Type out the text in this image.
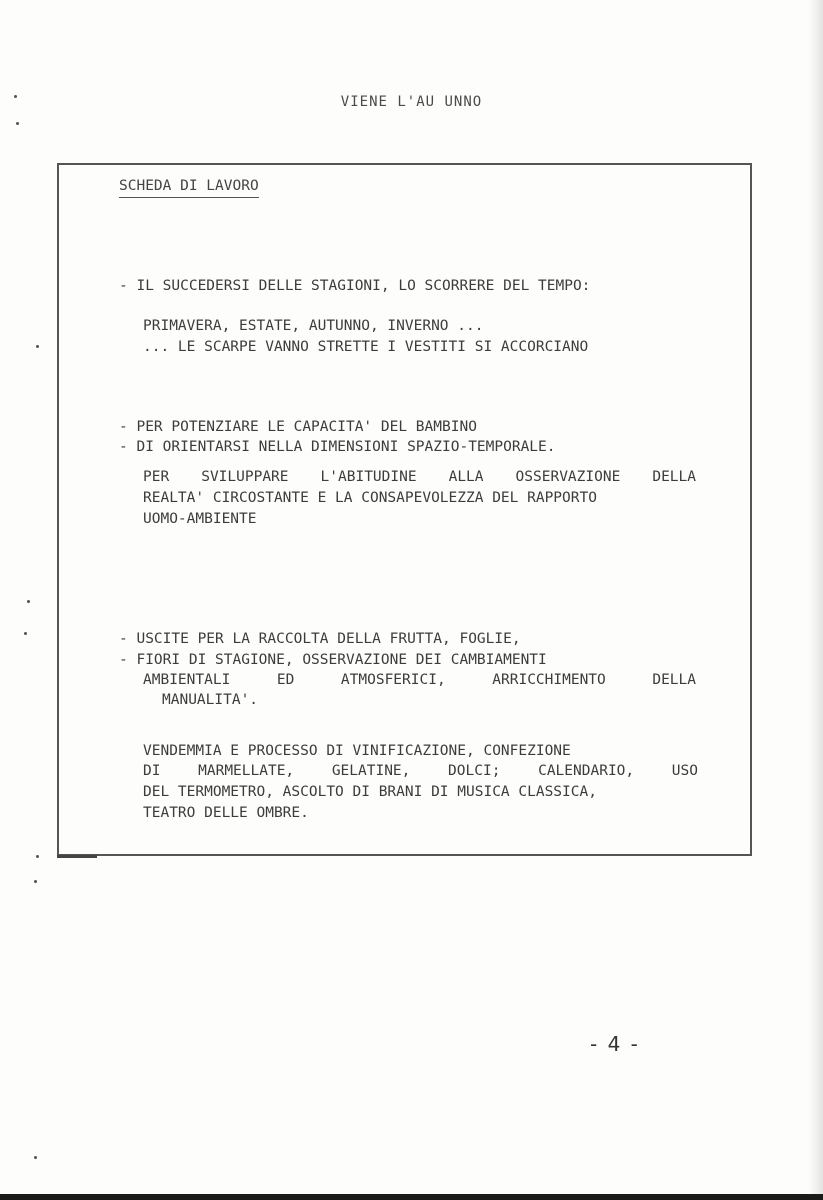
VIENE L'AU UNNO
SCHEDA DI LAVORO
- IL SUCCEDERSI DELLE STAGIONI, LO SCORRERE DEL TEMPO:
PRIMAVERA, ESTATE, AUTUNNO, INVERNO ...
... LE SCARPE VANNO STRETTE I VESTITI SI ACCORCIANO
- PER POTENZIARE LE CAPACITA' DEL BAMBINO
- DI ORIENTARSI NELLA DIMENSIONI SPAZIO-TEMPORALE.
PER SVILUPPARE L'ABITUDINE ALLA OSSERVAZIONE DELLA
REALTA' CIRCOSTANTE E LA CONSAPEVOLEZZA DEL RAPPORTO
UOMO-AMBIENTE
- USCITE PER LA RACCOLTA DELLA FRUTTA, FOGLIE,
- FIORI DI STAGIONE, OSSERVAZIONE DEI CAMBIAMENTI
AMBIENTALI ED ATMOSFERICI, ARRICCHIMENTO DELLA
MANUALITA'.
VENDEMMIA E PROCESSO DI VINIFICAZIONE, CONFEZIONE
DI MARMELLATE, GELATINE, DOLCI; CALENDARIO, USO
DEL TERMOMETRO, ASCOLTO DI BRANI DI MUSICA CLASSICA,
TEATRO DELLE OMBRE.
- 4 -
